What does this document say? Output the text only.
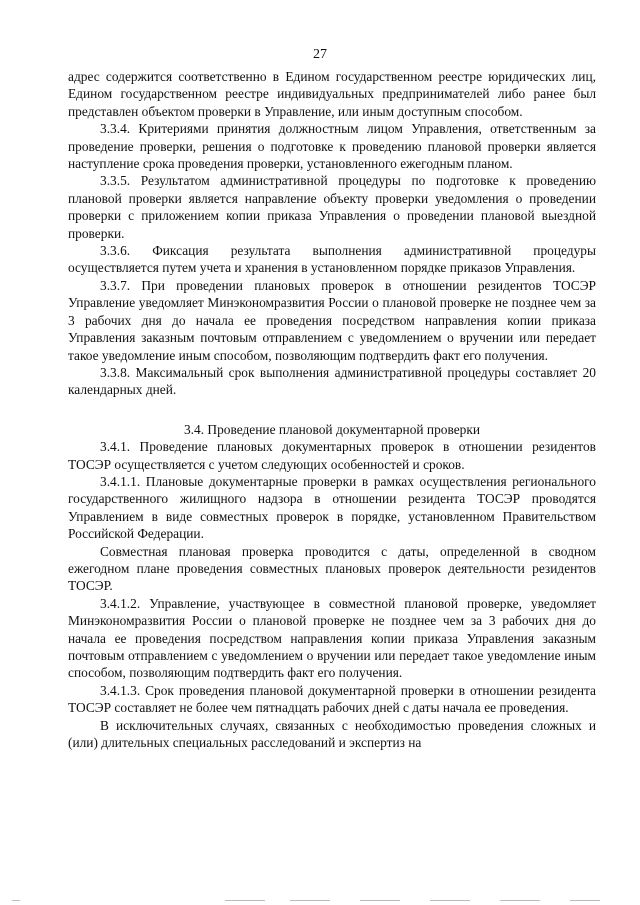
27

адрес содержится соответственно в Едином государственном реестре юридических лиц, Едином государственном реестре индивидуальных предпринимателей либо ранее был представлен объектом проверки в Управление, или иным доступным способом.

3.3.4. Критериями принятия должностным лицом Управления, ответственным за проведение проверки, решения о подготовке к проведению плановой проверки является наступление срока проведения проверки, установленного ежегодным планом.

3.3.5. Результатом административной процедуры по подготовке к проведению плановой проверки является направление объекту проверки уведомления о проведении проверки с приложением копии приказа Управления о проведении плановой выездной проверки.

3.3.6. Фиксация результата выполнения административной процедуры осуществляется путем учета и хранения в установленном порядке приказов Управления.

3.3.7. При проведении плановых проверок в отношении резидентов ТОСЭР Управление уведомляет Минэкономразвития России о плановой проверке не позднее чем за 3 рабочих дня до начала ее проведения посредством направления копии приказа Управления заказным почтовым отправлением с уведомлением о вручении или передает такое уведомление иным способом, позволяющим подтвердить факт его получения.

3.3.8. Максимальный срок выполнения административной процедуры составляет 20 календарных дней.

3.4. Проведение плановой документарной проверки

3.4.1. Проведение плановых документарных проверок в отношении резидентов ТОСЭР осуществляется с учетом следующих особенностей и сроков.

3.4.1.1. Плановые документарные проверки в рамках осуществления регионального государственного жилищного надзора в отношении резидента ТОСЭР проводятся Управлением в виде совместных проверок в порядке, установленном Правительством Российской Федерации.

Совместная плановая проверка проводится с даты, определенной в сводном ежегодном плане проведения совместных плановых проверок деятельности резидентов ТОСЭР.

3.4.1.2. Управление, участвующее в совместной плановой проверке, уведомляет Минэкономразвития России о плановой проверке не позднее чем за 3 рабочих дня до начала ее проведения посредством направления копии приказа Управления заказным почтовым отправлением с уведомлением о вручении или передает такое уведомление иным способом, позволяющим подтвердить факт его получения.

3.4.1.3. Срок проведения плановой документарной проверки в отношении резидента ТОСЭР составляет не более чем пятнадцать рабочих дней с даты начала ее проведения.

В исключительных случаях, связанных с необходимостью проведения сложных и (или) длительных специальных расследований и экспертиз на
